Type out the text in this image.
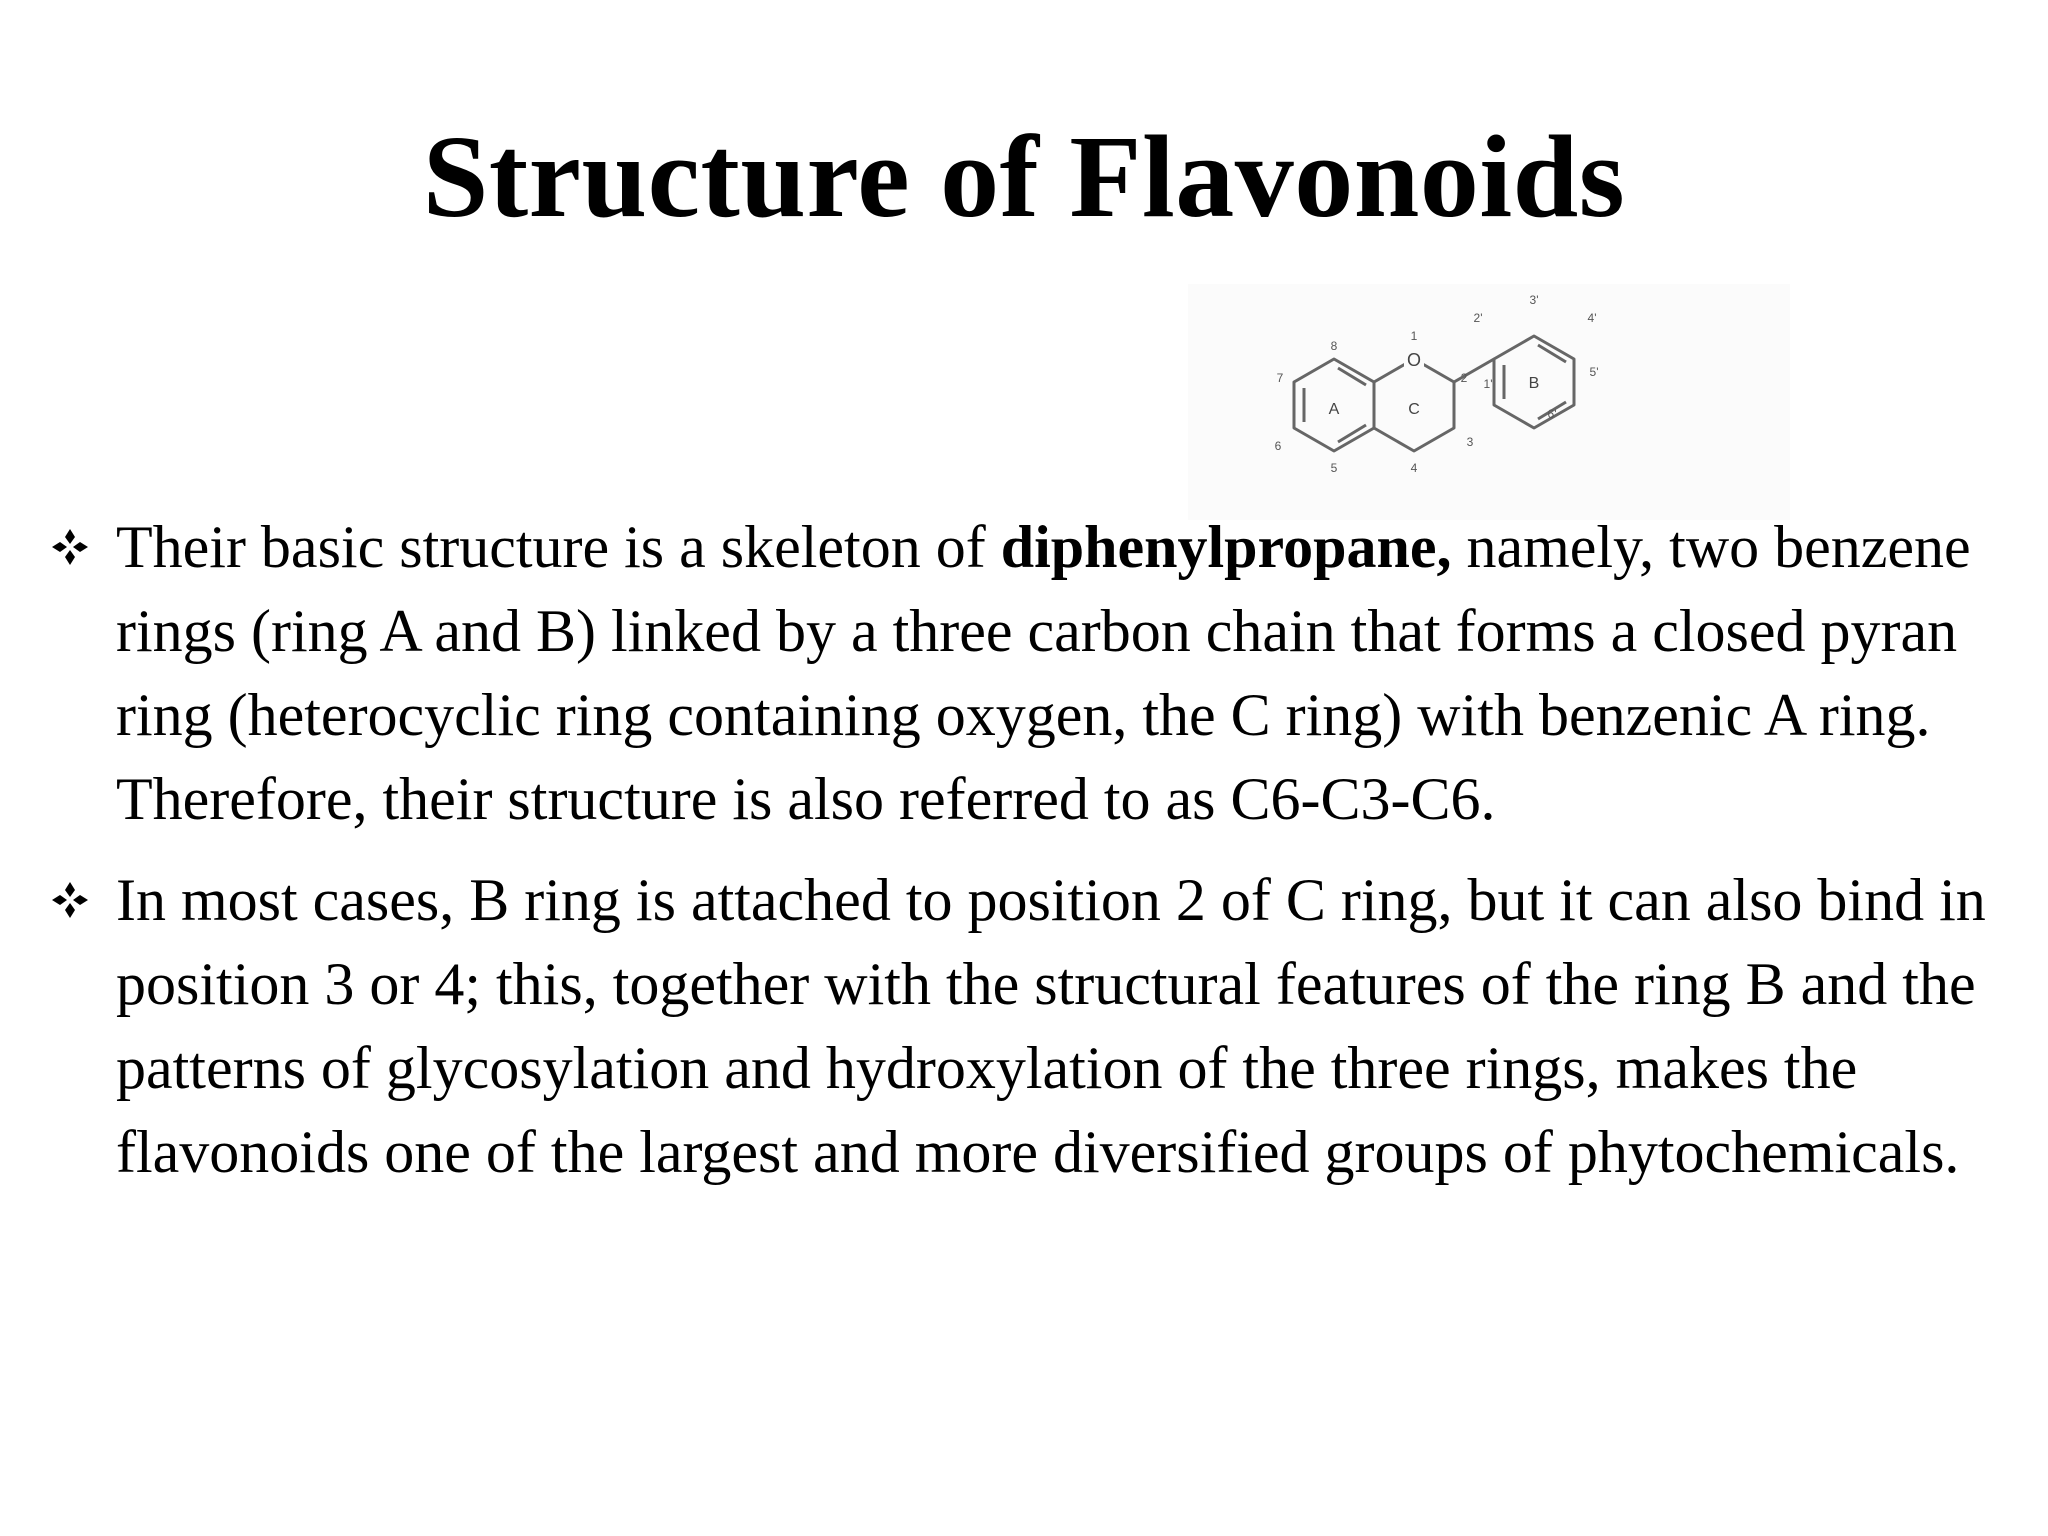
Structure of Flavonoids
O
A	C
B
8
7
6
5	4
3
2
1
1'
2'
3'
4'
5'
6'
Their basic structure is a skeleton of diphenylpropane, namely, two benzene rings (ring A and B) linked by a three carbon chain that forms a closed pyran ring (heterocyclic ring containing oxygen, the C ring) with benzenic A ring. Therefore, their structure is also referred to as C6-C3-C6.
In most cases, B ring is attached to position 2 of C ring, but it can also bind in position 3 or 4; this, together with the structural features of the ring B and the patterns of glycosylation and hydroxylation of the three rings, makes the flavonoids one of the largest and more diversified groups of phytochemicals.
